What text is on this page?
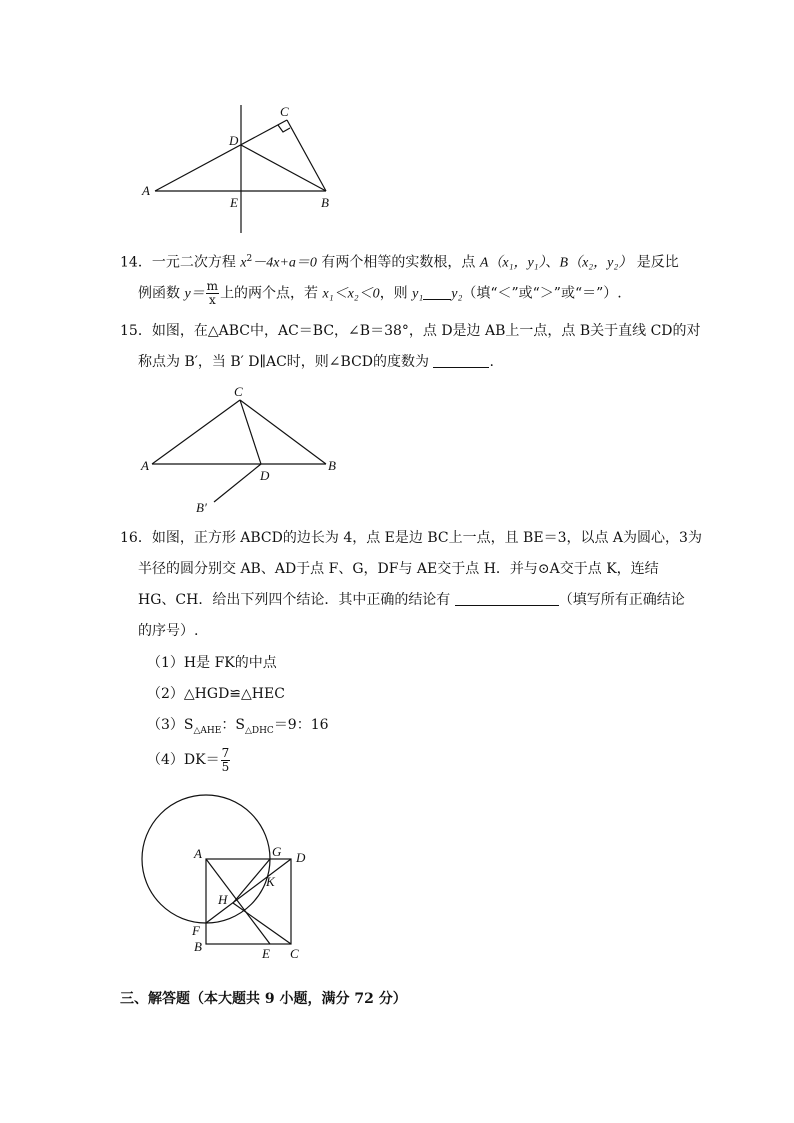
A
B
C
D
E
14．一元二次方程 $x^2-4x+a=0$ 有两个相等的实数根，点 A（x₁，y₁）、B（x₂，y₂） 是反比
例函数 $y= \frac{m}{x}$ 上的两个点，若 x₁＜x₂＜0，则 y₁ y₂（填“＜”或“＞”或“＝”）.
15．如图，在△ABC中，AC＝BC，∠B＝38°，点 D是边 AB上一点，点 B关于直线 CD的对
称点为 B′，当 B′ D∥AC时，则∠BCD的度数为	.
A	B
C
D
B′
16．如图，正方形 ABCD的边长为 4，点 E是边 BC上一点，且 BE＝3，以点 A为圆心，3为
半径的圆分别交 AB、AD于点 F、G，DF与 AE交于点 H．并与⊙A交于点 K，连结
HG、CH．给出下列四个结论．其中正确的结论有	（填写所有正确结论
的序号）.
（1）H是 FK的中点
（2）△HGD≌△HEC
$(3)S_{\triangle AHE}$：$S_{\triangle DHC}=9$：16
$(4)DK= \frac{7}{5}$
A
B	C
D
E
F
G
H
K
三、解答题（本大题共 9 小题，满分 72 分）
